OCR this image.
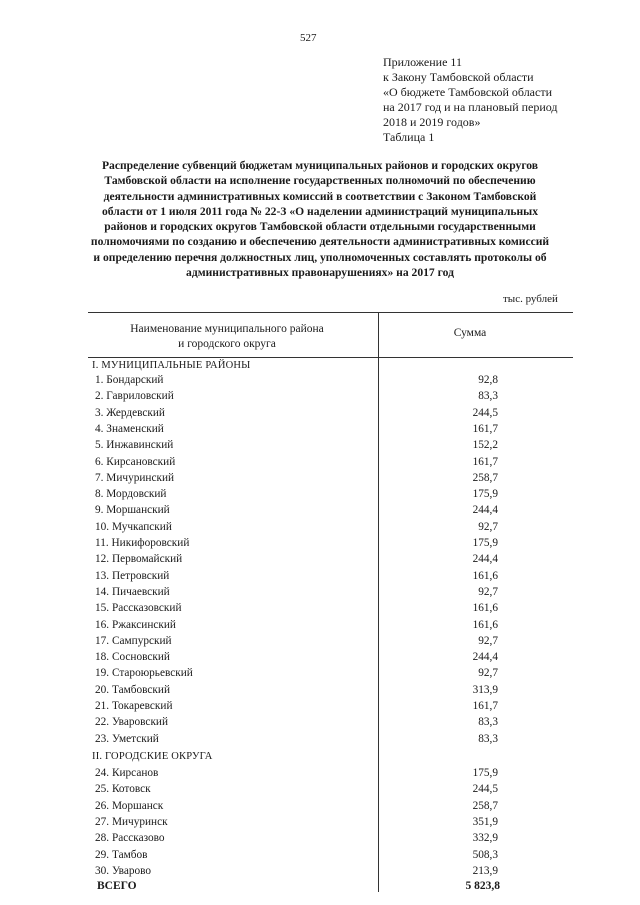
527
Приложение 11
к Закону Тамбовской области
«О бюджете Тамбовской области
на 2017 год и на плановый период
2018 и 2019 годов»
Таблица 1
Распределение субвенций бюджетам муниципальных районов и городских округов
Тамбовской области на исполнение государственных полномочий по обеспечению
деятельности административных комиссий в соответствии с Законом Тамбовской
области от 1 июля 2011 года № 22-З «О наделении администраций муниципальных
районов и городских округов Тамбовской области отдельными государственными
полномочиями по созданию и обеспечению деятельности административных комиссий
и определению перечня должностных лиц, уполномоченных составлять протоколы об
административных правонарушениях» на 2017 год
тыс. рублей
Наименование муниципального района
и городского округа
Сумма
I. МУНИЦИПАЛЬНЫЕ РАЙОНЫ
1. Бондарский	92,8
2. Гавриловский	83,3
3. Жердевский	244,5
4. Знаменский	161,7
5. Инжавинский	152,2
6. Кирсановский	161,7
7. Мичуринский	258,7
8. Мордовский	175,9
9. Моршанский	244,4
10. Мучкапский	92,7
11. Никифоровский	175,9
12. Первомайский	244,4
13. Петровский	161,6
14. Пичаевский	92,7
15. Рассказовский	161,6
16. Ржаксинский	161,6
17. Сампурский	92,7
18. Сосновский	244,4
19. Староюрьевский	92,7
20. Тамбовский	313,9
21. Токаревский	161,7
22. Уваровский	83,3
23. Уметский	83,3
II. ГОРОДСКИЕ ОКРУГА
24. Кирсанов	175,9
25. Котовск	244,5
26. Моршанск	258,7
27. Мичуринск	351,9
28. Рассказово	332,9
29. Тамбов	508,3
30. Уварово	213,9
ВСЕГО	5 823,8
